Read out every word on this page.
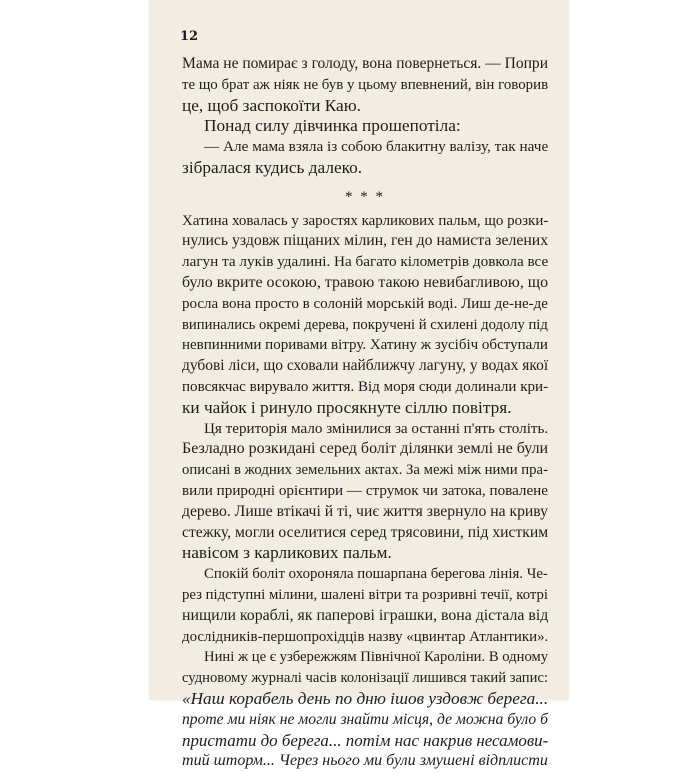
12
Мама не помирає з голоду, вона повернеться. — Попри
те що брат аж ніяк не був у цьому впевнений, він говорив
це, щоб заспокоїти Каю.
Понад силу дівчинка прошепотіла:
— Але мама взяла із собою блакитну валізу, так наче
зібралася кудись далеко.
* * *
Хатина ховалась у заростях карликових пальм, що розки-
нулись уздовж піщаних мілин, ген до намиста зелених
лагун та луків удалині. На багато кілометрів довкола все
було вкрите осокою, травою такою невибагливою, що
росла вона просто в солоній морській воді. Лиш де-не-де
випинались окремі дерева, покручені й схилені додолу під
невпинними поривами вітру. Хатину ж зусібіч обступали
дубові ліси, що сховали найближчу лагуну, у водах якої
повсякчас вирувало життя. Від моря сюди долинали кри-
ки чайок і ринуло просякнуте сіллю повітря.
Ця територія мало змінилися за останні п'ять століть.
Безладно розкидані серед боліт ділянки землі не були
описані в жодних земельних актах. За межі між ними пра-
вили природні орієнтири — струмок чи затока, повалене
дерево. Лише втікачі й ті, чиє життя звернуло на криву
стежку, могли оселитися серед трясовини, під хистким
навісом з карликових пальм.
Спокій боліт охороняла пошарпана берегова лінія. Че-
рез підступні мілини, шалені вітри та розривні течії, котрі
нищили кораблі, як паперові іграшки, вона дістала від
дослідників-першопрохідців назву «цвинтар Атлантики».
Нині ж це є узбережжям Північної Кароліни. В одному
судновому журналі часів колонізації лишився такий запис:
«Наш корабель день по дню ішов уздовж берега...
проте ми ніяк не могли знайти місця, де можна було б
пристати до берега... потім нас накрив несамови-
тий шторм... Через нього ми були змушені відплисти
